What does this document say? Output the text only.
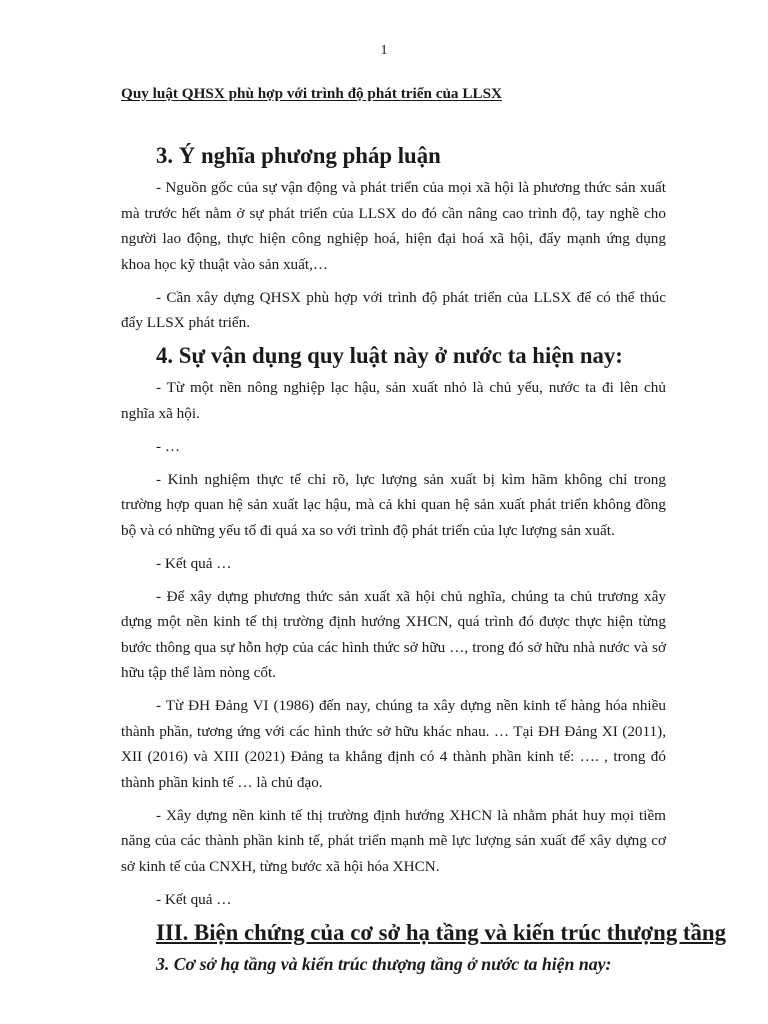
1
Quy luật QHSX phù hợp với trình độ phát triển của LLSX
3. Ý nghĩa phương pháp luận

- Nguồn gốc của sự vận động và phát triển của mọi xã hội là phương thức sản xuất mà trước hết nằm ở sự phát triển của LLSX do đó cần nâng cao trình độ, tay nghề cho người lao động, thực hiện công nghiệp hoá, hiện đại hoá xã hội, đẩy mạnh ứng dụng khoa học kỹ thuật vào sản xuất,…

- Cần xây dựng QHSX phù hợp với trình độ phát triển của LLSX để có thể thúc đẩy LLSX phát triển.

4. Sự vận dụng quy luật này ở nước ta hiện nay:

- Từ một nền nông nghiệp lạc hậu, sản xuất nhỏ là chủ yếu, nước ta đi lên chủ nghĩa xã hội.

- …

- Kinh nghiệm thực tế chỉ rõ, lực lượng sản xuất bị kìm hãm không chỉ trong trường hợp quan hệ sản xuất lạc hậu, mà cả khi quan hệ sản xuất phát triển không đồng bộ và có những yếu tố đi quá xa so với trình độ phát triển của lực lượng sản xuất.

- Kết quả …

- Để xây dựng phương thức sản xuất xã hội chủ nghĩa, chúng ta chủ trương xây dựng một nền kinh tế thị trường định hướng XHCN, quá trình đó được thực hiện từng bước thông qua sự hỗn hợp của các hình thức sở hữu …, trong đó sở hữu nhà nước và sở hữu tập thể làm nòng cốt.

- Từ ĐH Đảng VI (1986) đến nay, chúng ta xây dựng nền kinh tế hàng hóa nhiều thành phần, tương ứng với các hình thức sở hữu khác nhau. … Tại ĐH Đảng XI (2011), XII (2016) và XIII (2021) Đảng ta khẳng định có 4 thành phần kinh tế: …. , trong đó thành phần kinh tế … là chủ đạo.

- Xây dựng nền kinh tế thị trường định hướng XHCN là nhằm phát huy mọi tiềm năng của các thành phần kinh tế, phát triển mạnh mẽ lực lượng sản xuất để xây dựng cơ sở kinh tế của CNXH, từng bước xã hội hóa XHCN.

- Kết quả …

III. Biện chứng của cơ sở hạ tầng và kiến trúc thượng tầng
3. Cơ sở hạ tầng và kiến trúc thượng tầng ở nước ta hiện nay:
